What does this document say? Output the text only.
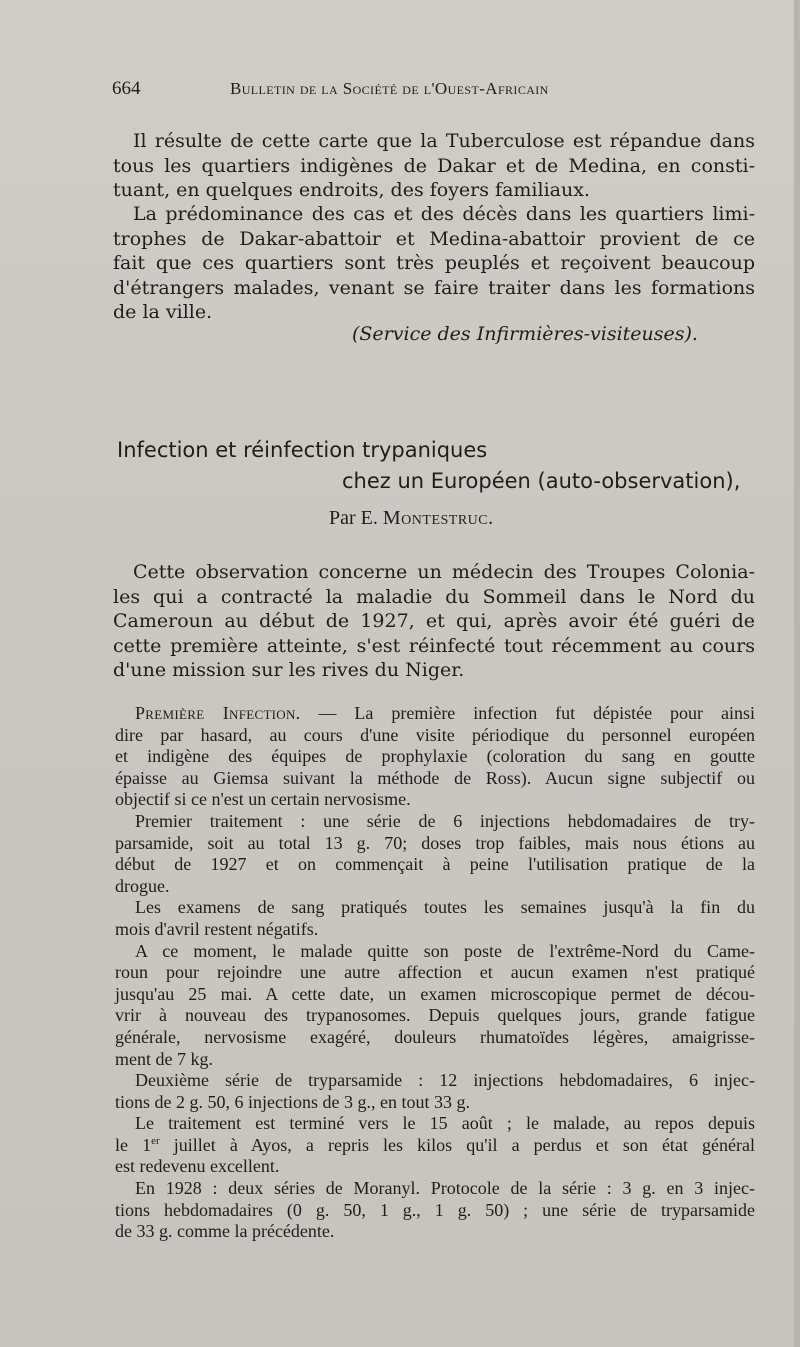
664	Bulletin de la Société de l'Ouest-Africain
Il résulte de cette carte que la Tuberculose est répandue dans
tous les quartiers indigènes de Dakar et de Medina, en consti-
tuant, en quelques endroits, des foyers familiaux.
La prédominance des cas et des décès dans les quartiers limi-
trophes de Dakar-abattoir et Medina-abattoir provient de ce
fait que ces quartiers sont très peuplés et reçoivent beaucoup
d'étrangers malades, venant se faire traiter dans les formations
de la ville.
(Service des Infirmières-visiteuses).
Infection et réinfection trypaniques
chez un Européen (auto-observation),
Par E. Montestruc.
Cette observation concerne un médecin des Troupes Colonia-
les qui a contracté la maladie du Sommeil dans le Nord du
Cameroun au début de 1927, et qui, après avoir été guéri de
cette première atteinte, s'est réinfecté tout récemment au cours
d'une mission sur les rives du Niger.
Première Infection. — La première infection fut dépistée pour ainsi
dire par hasard, au cours d'une visite périodique du personnel européen
et indigène des équipes de prophylaxie (coloration du sang en goutte
épaisse au Giemsa suivant la méthode de Ross). Aucun signe subjectif ou
objectif si ce n'est un certain nervosisme.
Premier traitement : une série de 6 injections hebdomadaires de try-
parsamide, soit au total 13 g. 70; doses trop faibles, mais nous étions au
début de 1927 et on commençait à peine l'utilisation pratique de la
drogue.
Les examens de sang pratiqués toutes les semaines jusqu'à la fin du
mois d'avril restent négatifs.
A ce moment, le malade quitte son poste de l'extrême-Nord du Came-
roun pour rejoindre une autre affection et aucun examen n'est pratiqué
jusqu'au 25 mai. A cette date, un examen microscopique permet de décou-
vrir à nouveau des trypanosomes. Depuis quelques jours, grande fatigue
générale, nervosisme exagéré, douleurs rhumatoïdes légères, amaigrisse-
ment de 7 kg.
Deuxième série de tryparsamide : 12 injections hebdomadaires, 6 injec-
tions de 2 g. 50, 6 injections de 3 g., en tout 33 g.
Le traitement est terminé vers le 15 août ; le malade, au repos depuis
le 1er juillet à Ayos, a repris les kilos qu'il a perdus et son état général
est redevenu excellent.
En 1928 : deux séries de Moranyl. Protocole de la série : 3 g. en 3 injec-
tions hebdomadaires (0 g. 50, 1 g., 1 g. 50) ; une série de tryparsamide
de 33 g. comme la précédente.
